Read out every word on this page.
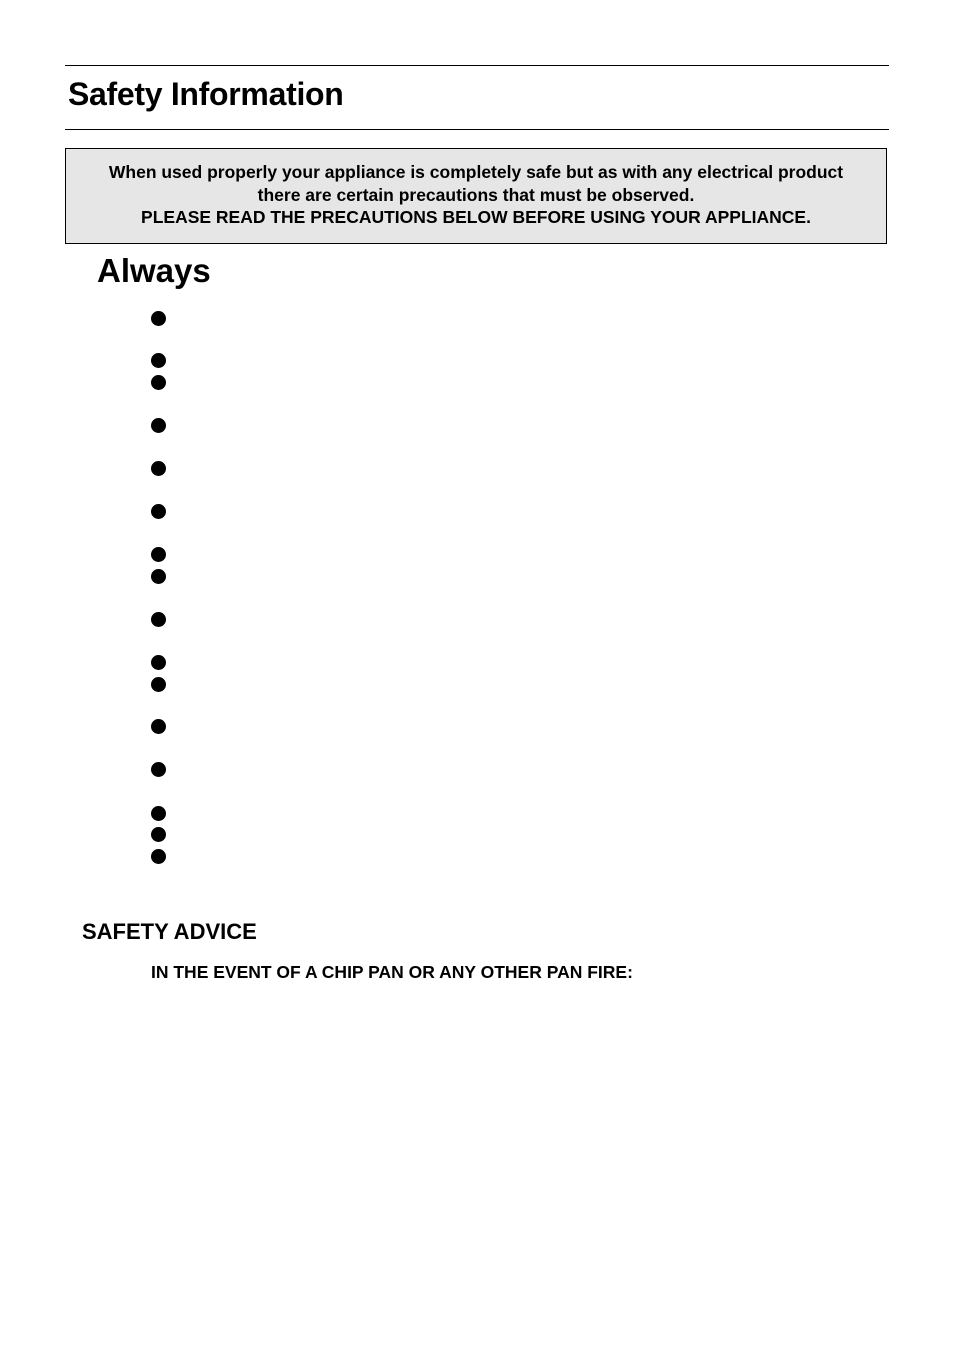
Safety Information
When used properly your appliance is completely safe but as with any electrical product
there are certain precautions that must be observed.
PLEASE READ THE PRECAUTIONS BELOW BEFORE USING YOUR APPLIANCE.
Always
SAFETY ADVICE
IN THE EVENT OF A CHIP PAN OR ANY OTHER PAN FIRE:
